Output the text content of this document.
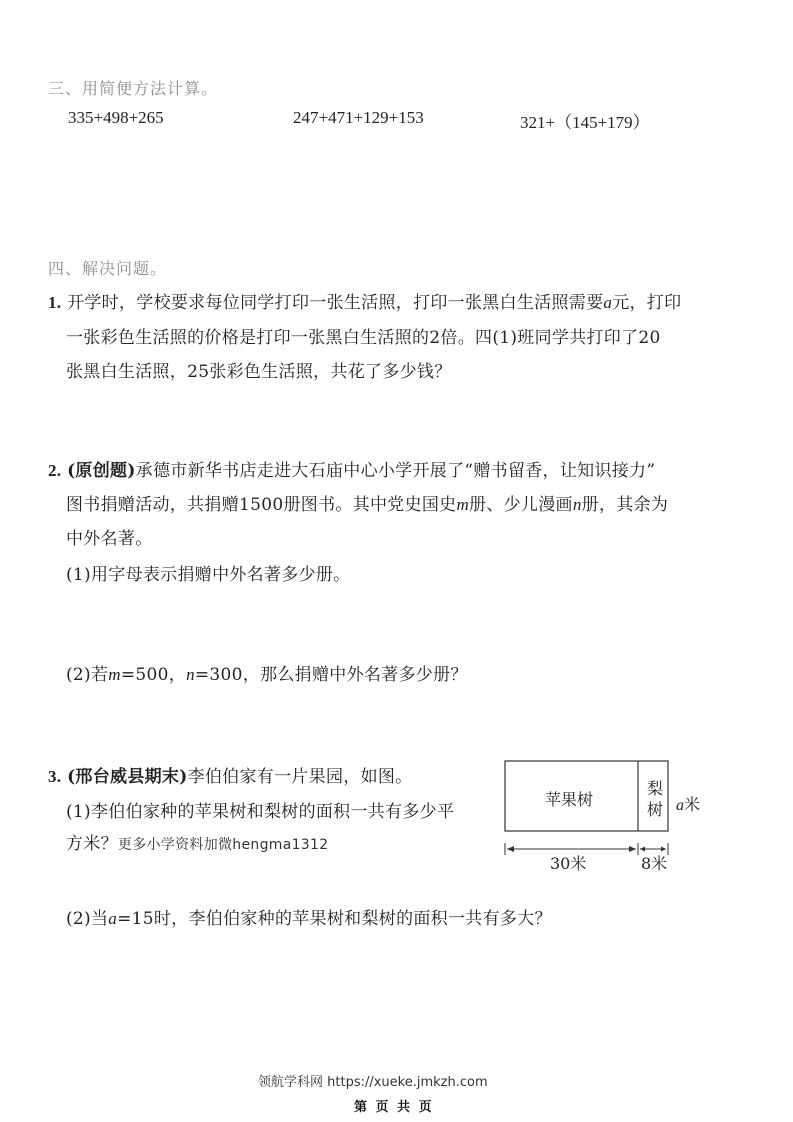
三、用简便方法计算。
335+498+265	247+471+129+153	321+（145+179）
四、解决问题。
1. 开学时，学校要求每位同学打印一张生活照，打印一张黑白生活照需要a元，打印
一张彩色生活照的价格是打印一张黑白生活照的2倍。四(1)班同学共打印了20
张黑白生活照，25张彩色生活照，共花了多少钱？
2. (原创题)承德市新华书店走进大石庙中心小学开展了“赠书留香，让知识接力”
图书捐赠活动，共捐赠1500册图书。其中党史国史m册、少儿漫画n册，其余为
中外名著。
(1)用字母表示捐赠中外名著多少册。
(2)若m=500，n=300，那么捐赠中外名著多少册？
3. (邢台威县期末)李伯伯家有一片果园，如图。
(1)李伯伯家种的苹果树和梨树的面积一共有多少平
方米？更多小学资料加微hengma1312
(2)当a=15时，李伯伯家种的苹果树和梨树的面积一共有多大？
苹果树
梨
树 a米
30米	8米
领航学科网 https://xueke.jmkzh.com
第 页 共 页
